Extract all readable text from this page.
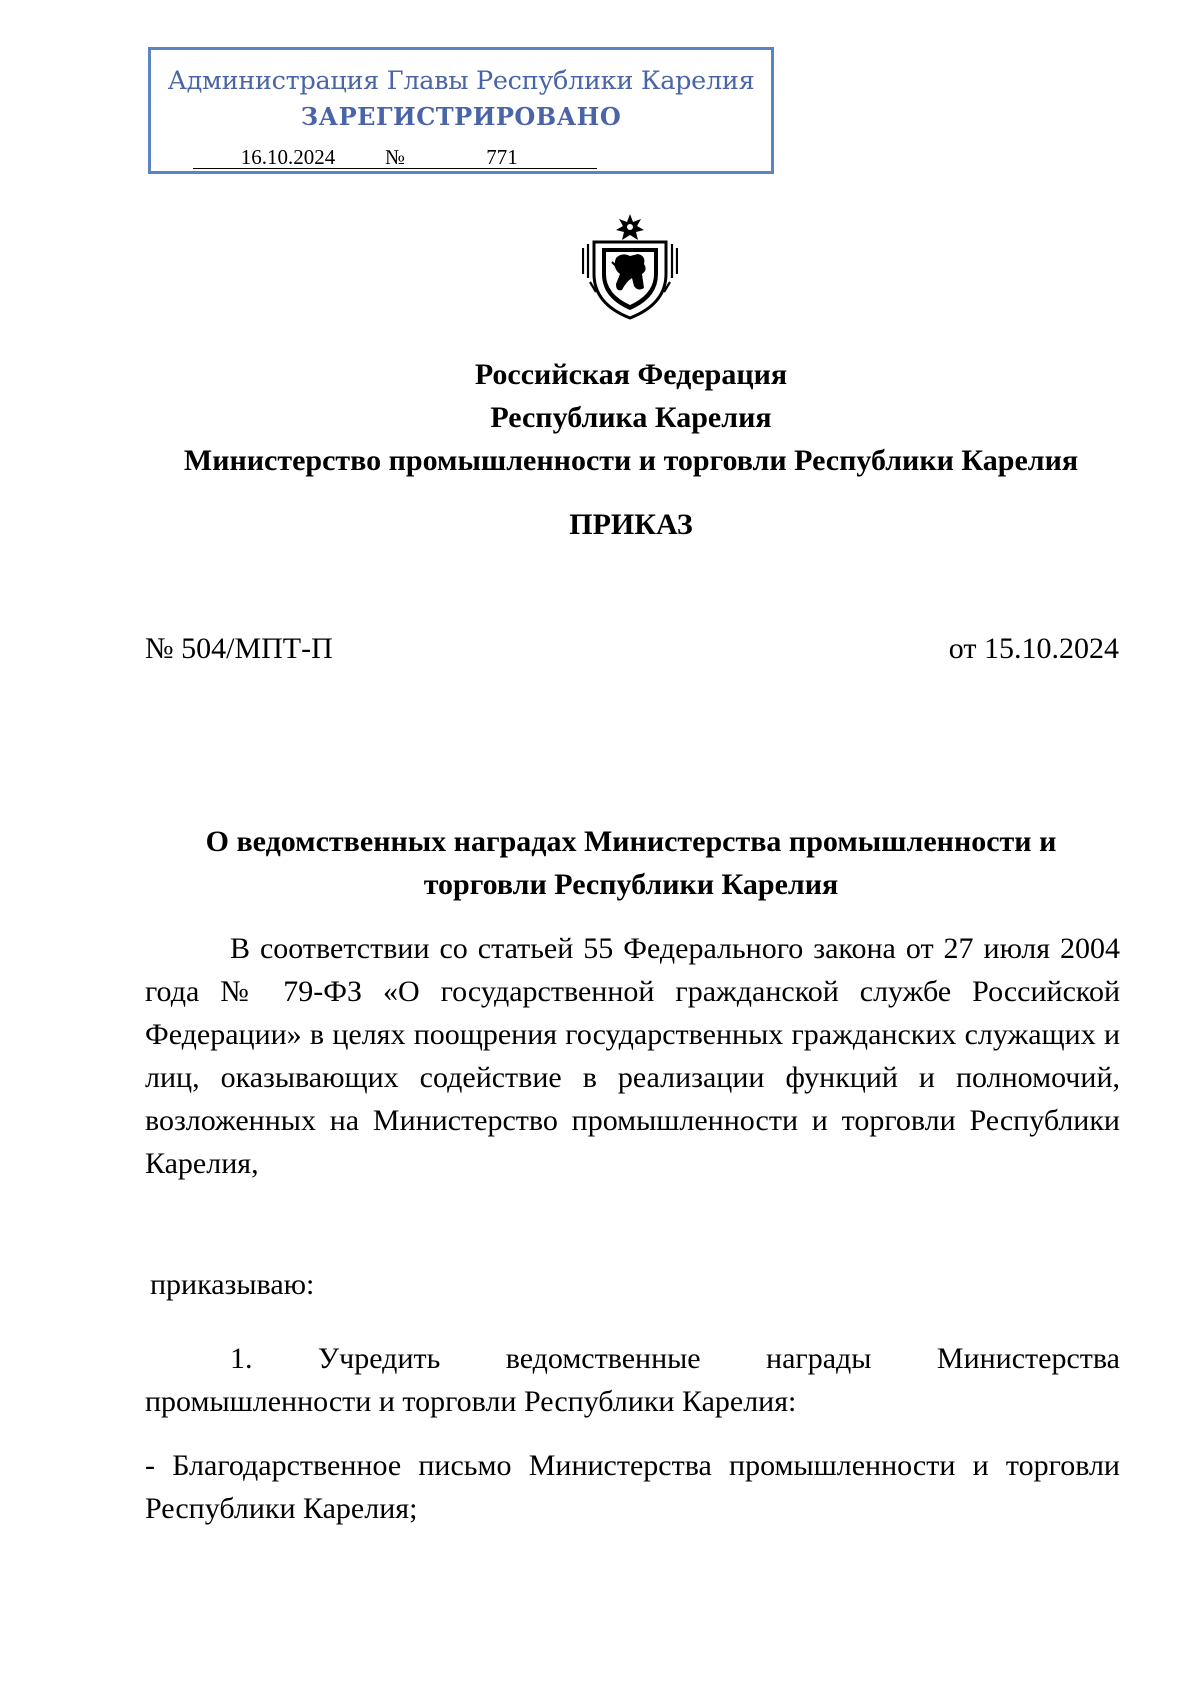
Администрация Главы Республики Карелия
ЗАРЕГИСТРИРОВАНО
16.10.2024 №	771
Российская Федерация
Республика Карелия
Министерство промышленности и торговли Республики Карелия
ПРИКАЗ
№ 504/МПТ-П	от 15.10.2024
О ведомственных наградах Министерства промышленности и
торговли Республики Карелия
В соответствии со статьей 55 Федерального закона от 27 июля 2004 года № 79-ФЗ «О государственной гражданской службе Российской Федерации» в целях поощрения государственных гражданских служащих и лиц, оказывающих содействие в реализации функций и полномочий, возложенных на Министерство промышленности и торговли Республики Карелия,
приказываю:
1. Учредить ведомственные награды Министерства промышленности и торговли Республики Карелия:
- Благодарственное письмо Министерства промышленности и торговли Республики Карелия;
